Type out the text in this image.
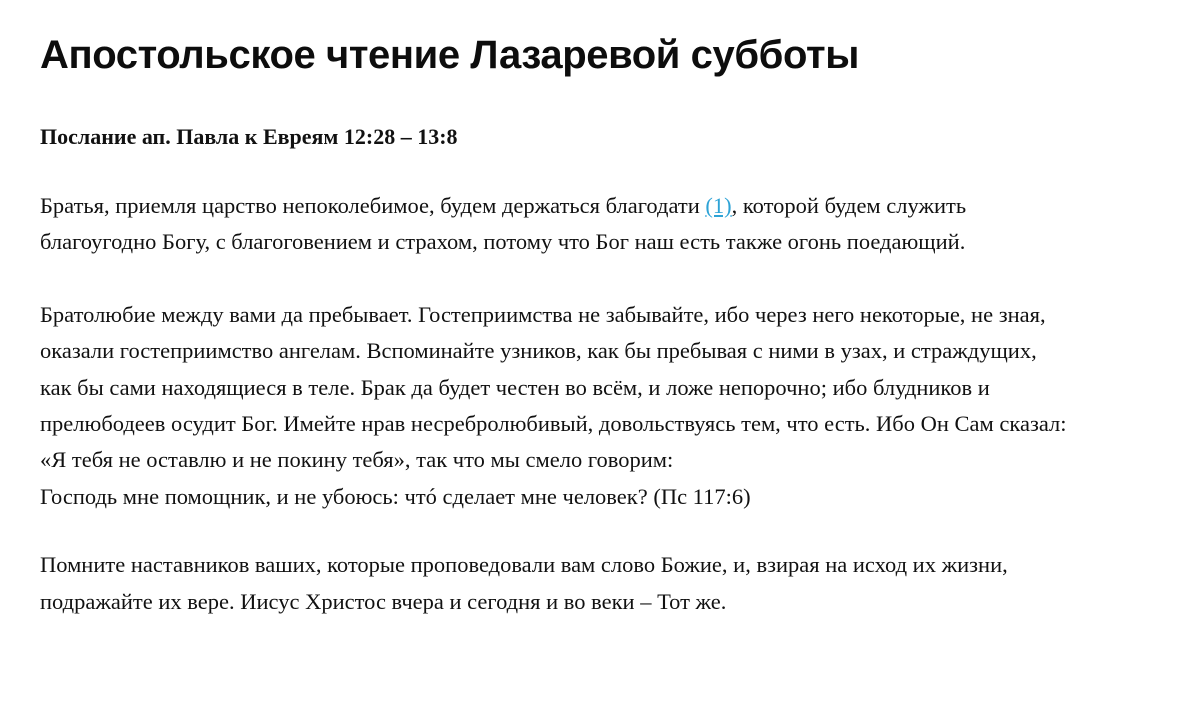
Апостольское чтение Лазаревой субботы
Послание ап. Павла к Евреям 12:28 – 13:8

Братья, приемля царство непоколебимое, будем держаться благодати (1), которой будем служить благоугодно Богу, с благоговением и страхом, потому что Бог наш есть также огонь поедающий.

Братолюбие между вами да пребывает. Гостеприимства не забывайте, ибо через него некоторые, не зная, оказали гостеприимство ангелам. Вспоминайте узников, как бы пребывая с ними в узах, и страждущих, как бы сами находящиеся в теле. Брак да будет честен во всём, и ложе непорочно; ибо блудников и прелюбодеев осудит Бог. Имейте нрав несребролюбивый, довольствуясь тем, что есть. Ибо Он Сам сказал: «Я тебя не оставлю и не покину тебя», так что мы смело говорим:
Господь мне помощник, и не убоюсь: чтó сделает мне человек? (Пс 117:6)

Помните наставников ваших, которые проповедовали вам слово Божие, и, взирая на исход их жизни, подражайте их вере. Иисус Христос вчера и сегодня и во веки – Тот же.
